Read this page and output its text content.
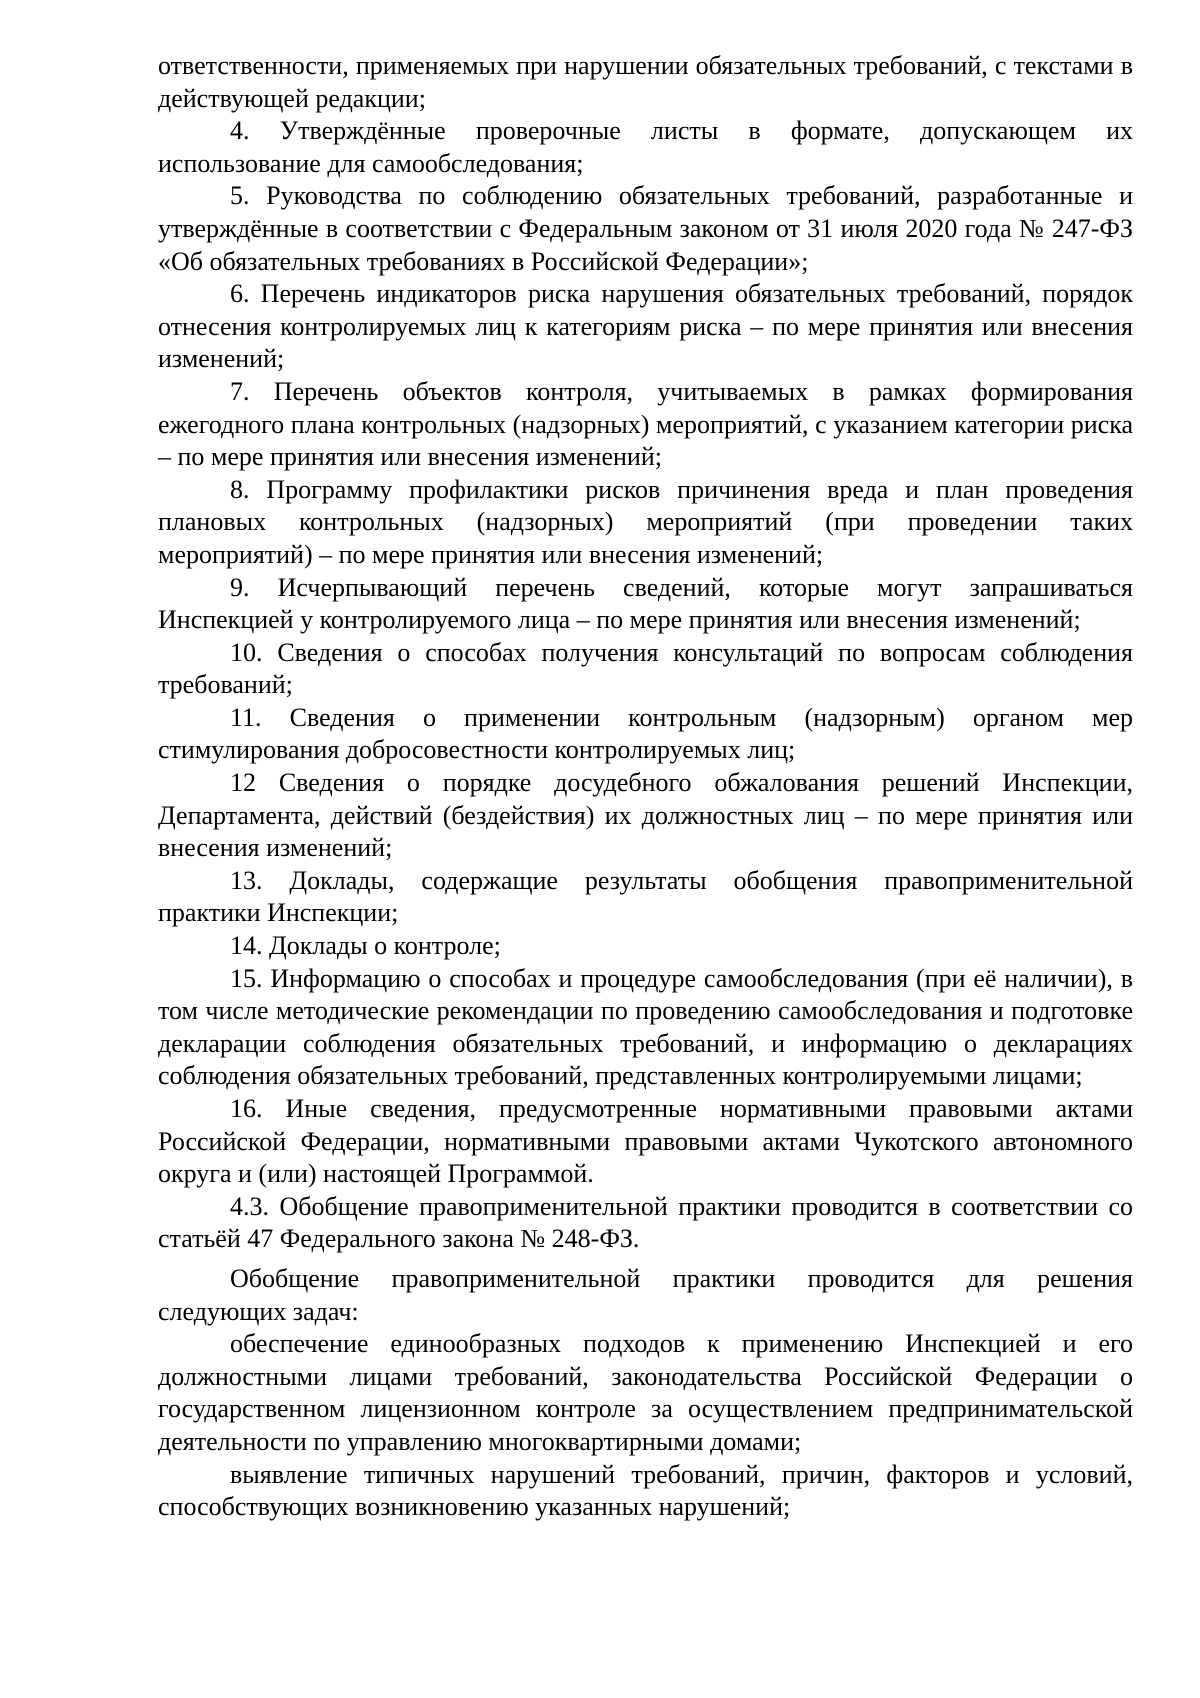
ответственности, применяемых при нарушении обязательных требований, с текстами в действующей редакции;

4. Утверждённые проверочные листы в формате, допускающем их использование для самообследования;

5. Руководства по соблюдению обязательных требований, разработанные и утверждённые в соответствии с Федеральным законом от 31 июля 2020 года № 247-ФЗ «Об обязательных требованиях в Российской Федерации»;

6. Перечень индикаторов риска нарушения обязательных требований, порядок отнесения контролируемых лиц к категориям риска – по мере принятия или внесения изменений;

7. Перечень объектов контроля, учитываемых в рамках формирования ежегодного плана контрольных (надзорных) мероприятий, с указанием категории риска – по мере принятия или внесения изменений;

8. Программу профилактики рисков причинения вреда и план проведения плановых контрольных (надзорных) мероприятий (при проведении таких мероприятий) – по мере принятия или внесения изменений;

9. Исчерпывающий перечень сведений, которые могут запрашиваться Инспекцией у контролируемого лица – по мере принятия или внесения изменений;

10. Сведения о способах получения консультаций по вопросам соблюдения требований;

11. Сведения о применении контрольным (надзорным) органом мер стимулирования добросовестности контролируемых лиц;

12 Сведения о порядке досудебного обжалования решений Инспекции, Департамента, действий (бездействия) их должностных лиц – по мере принятия или внесения изменений;

13. Доклады, содержащие результаты обобщения правоприменительной практики Инспекции;

14. Доклады о контроле;

15. Информацию о способах и процедуре самообследования (при её наличии), в том числе методические рекомендации по проведению самообследования и подготовке декларации соблюдения обязательных требований, и информацию о декларациях соблюдения обязательных требований, представленных контролируемыми лицами;

16. Иные сведения, предусмотренные нормативными правовыми актами Российской Федерации, нормативными правовыми актами Чукотского автономного округа и (или) настоящей Программой.

4.3. Обобщение правоприменительной практики проводится в соответствии со статьёй 47 Федерального закона № 248-ФЗ.

Обобщение правоприменительной практики проводится для решения следующих задач:

обеспечение единообразных подходов к применению Инспекцией и его должностными лицами требований, законодательства Российской Федерации о государственном лицензионном контроле за осуществлением предпринимательской деятельности по управлению многоквартирными домами;

выявление типичных нарушений требований, причин, факторов и условий, способствующих возникновению указанных нарушений;
